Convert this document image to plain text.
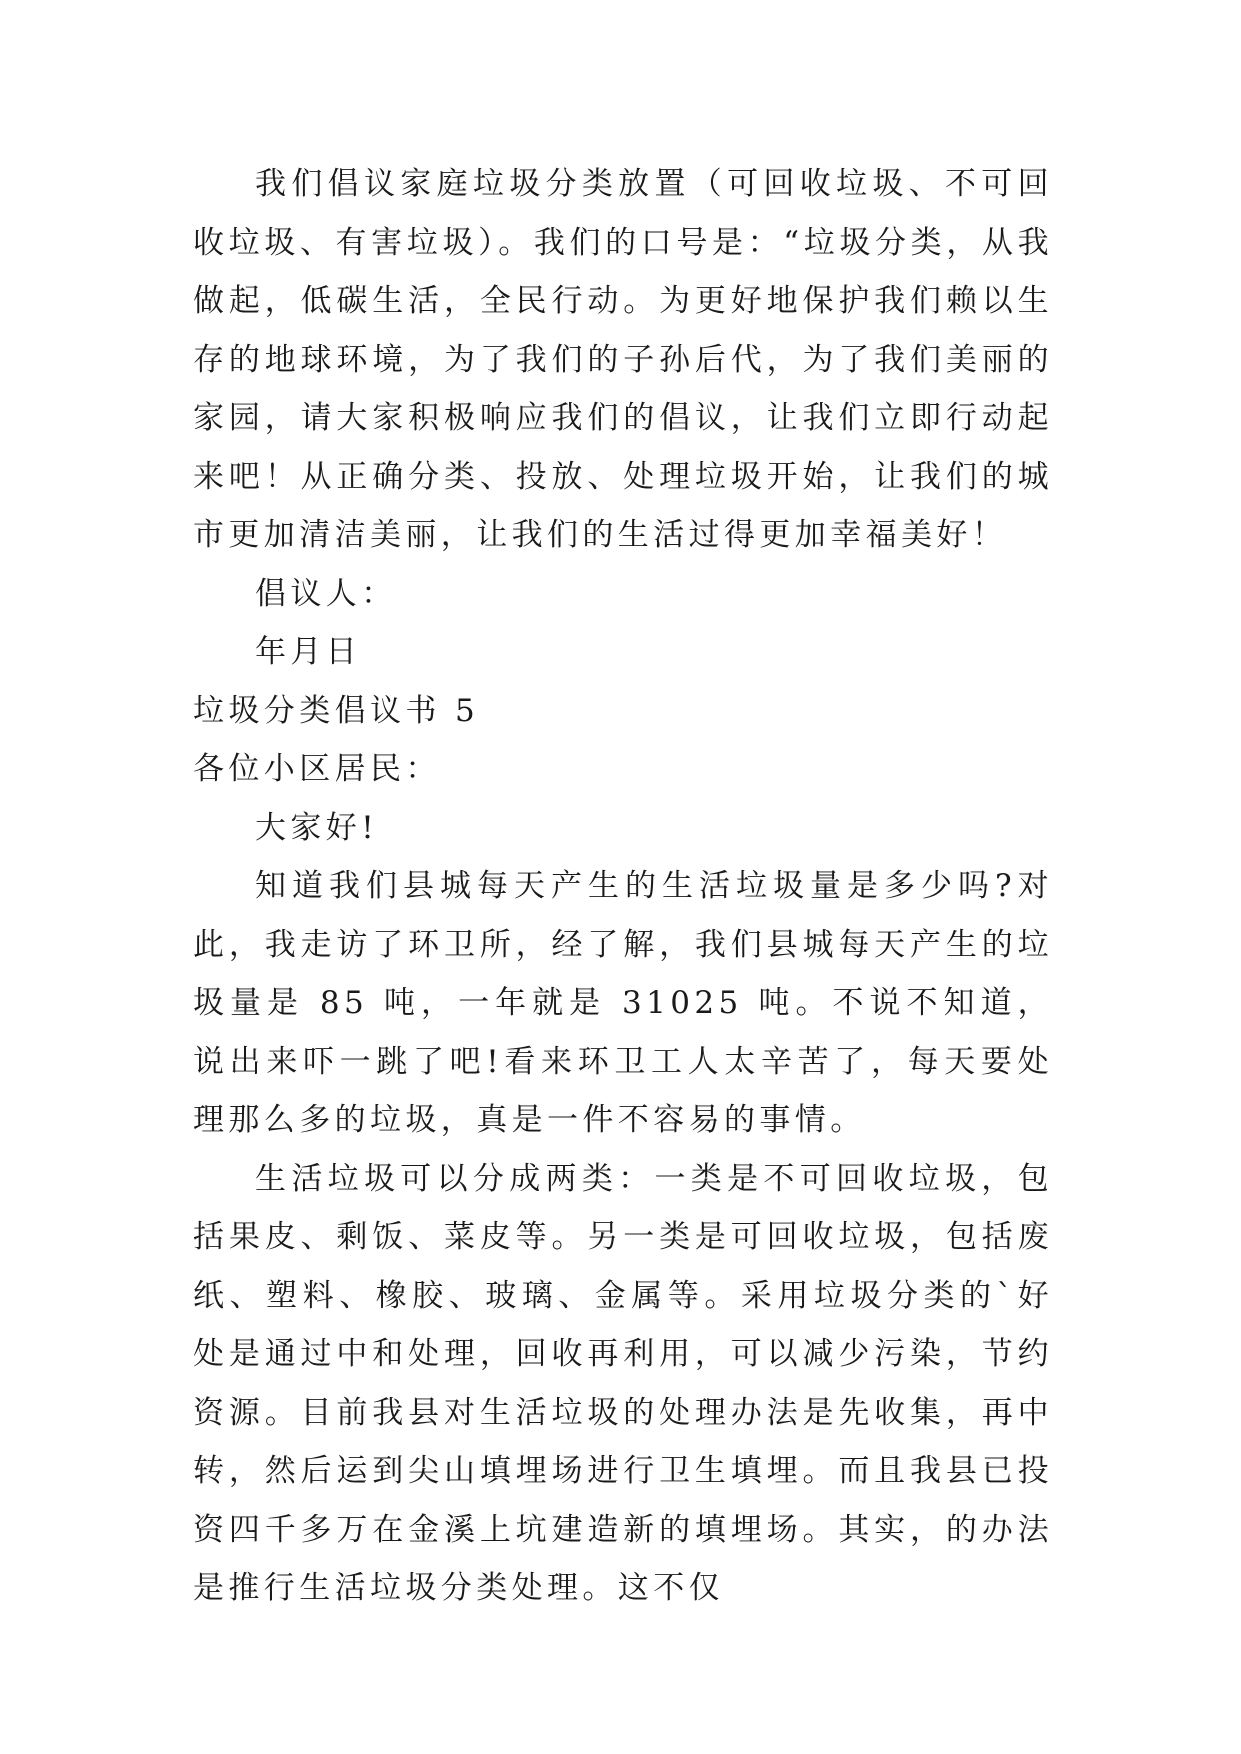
我们倡议家庭垃圾分类放置（可回收垃圾、不可回收垃圾、有害垃圾）。我们的口号是：“垃圾分类，从我做起，低碳生活，全民行动。为更好地保护我们赖以生存的地球环境，为了我们的子孙后代，为了我们美丽的家园，请大家积极响应我们的倡议，让我们立即行动起来吧！从正确分类、投放、处理垃圾开始，让我们的城市更加清洁美丽，让我们的生活过得更加幸福美好！

倡议人：

年月日

垃圾分类倡议书 5

各位小区居民：

大家好!

知道我们县城每天产生的生活垃圾量是多少吗?对此，我走访了环卫所，经了解，我们县城每天产生的垃圾量是 85 吨，一年就是 31025 吨。不说不知道，说出来吓一跳了吧!看来环卫工人太辛苦了，每天要处理那么多的垃圾，真是一件不容易的事情。

生活垃圾可以分成两类：一类是不可回收垃圾，包括果皮、剩饭、菜皮等。另一类是可回收垃圾，包括废纸、塑料、橡胶、玻璃、金属等。采用垃圾分类的`好处是通过中和处理，回收再利用，可以减少污染，节约资源。目前我县对生活垃圾的处理办法是先收集，再中转，然后运到尖山填埋场进行卫生填埋。而且我县已投资四千多万在金溪上坑建造新的填埋场。其实，的办法是推行生活垃圾分类处理。这不仅
